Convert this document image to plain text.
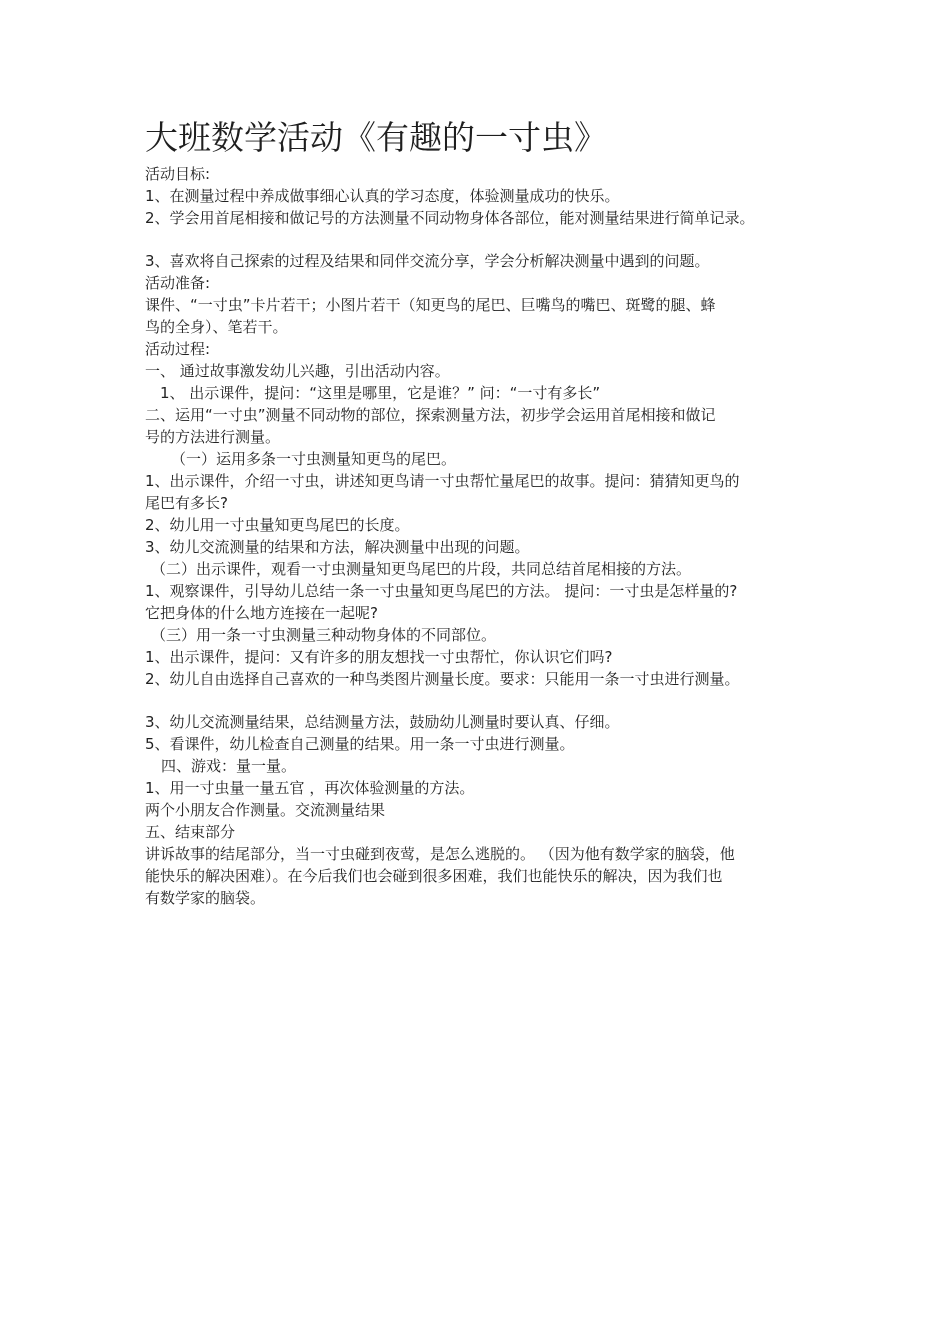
大班数学活动《有趣的一寸虫》
活动目标:
1、在测量过程中养成做事细心认真的学习态度，体验测量成功的快乐。
2、学会用首尾相接和做记号的方法测量不同动物身体各部位，能对测量结果进行简单记录。
3、喜欢将自己探索的过程及结果和同伴交流分享，学会分析解决测量中遇到的问题。
活动准备:
课件、“一寸虫”卡片若干；小图片若干（知更鸟的尾巴、巨嘴鸟的嘴巴、斑鹭的腿、蜂
鸟的全身）、笔若干。
活动过程:
一、 通过故事激发幼儿兴趣，引出活动内容。
1、 出示课件，提问：“这里是哪里，它是谁？” 问：“一寸有多长”
二、运用“一寸虫”测量不同动物的部位，探索测量方法，初步学会运用首尾相接和做记
号的方法进行测量。
（一）运用多条一寸虫测量知更鸟的尾巴。
1、出示课件，介绍一寸虫，讲述知更鸟请一寸虫帮忙量尾巴的故事。提问：猜猜知更鸟的
尾巴有多长?
2、幼儿用一寸虫量知更鸟尾巴的长度。
3、幼儿交流测量的结果和方法，解决测量中出现的问题。
（二）出示课件，观看一寸虫测量知更鸟尾巴的片段，共同总结首尾相接的方法。
1、观察课件，引导幼儿总结一条一寸虫量知更鸟尾巴的方法。 提问：一寸虫是怎样量的?
它把身体的什么地方连接在一起呢?
（三）用一条一寸虫测量三种动物身体的不同部位。
1、出示课件，提问：又有许多的朋友想找一寸虫帮忙，你认识它们吗?
2、幼儿自由选择自己喜欢的一种鸟类图片测量长度。要求：只能用一条一寸虫进行测量。
3、幼儿交流测量结果，总结测量方法，鼓励幼儿测量时要认真、仔细。
5、看课件，幼儿检查自己测量的结果。用一条一寸虫进行测量。
四、游戏：量一量。
1、用一寸虫量一量五官 ，再次体验测量的方法。
两个小朋友合作测量。交流测量结果
五、结束部分
讲诉故事的结尾部分，当一寸虫碰到夜莺，是怎么逃脱的。 （因为他有数学家的脑袋，他
能快乐的解决困难）。在今后我们也会碰到很多困难，我们也能快乐的解决，因为我们也
有数学家的脑袋。
